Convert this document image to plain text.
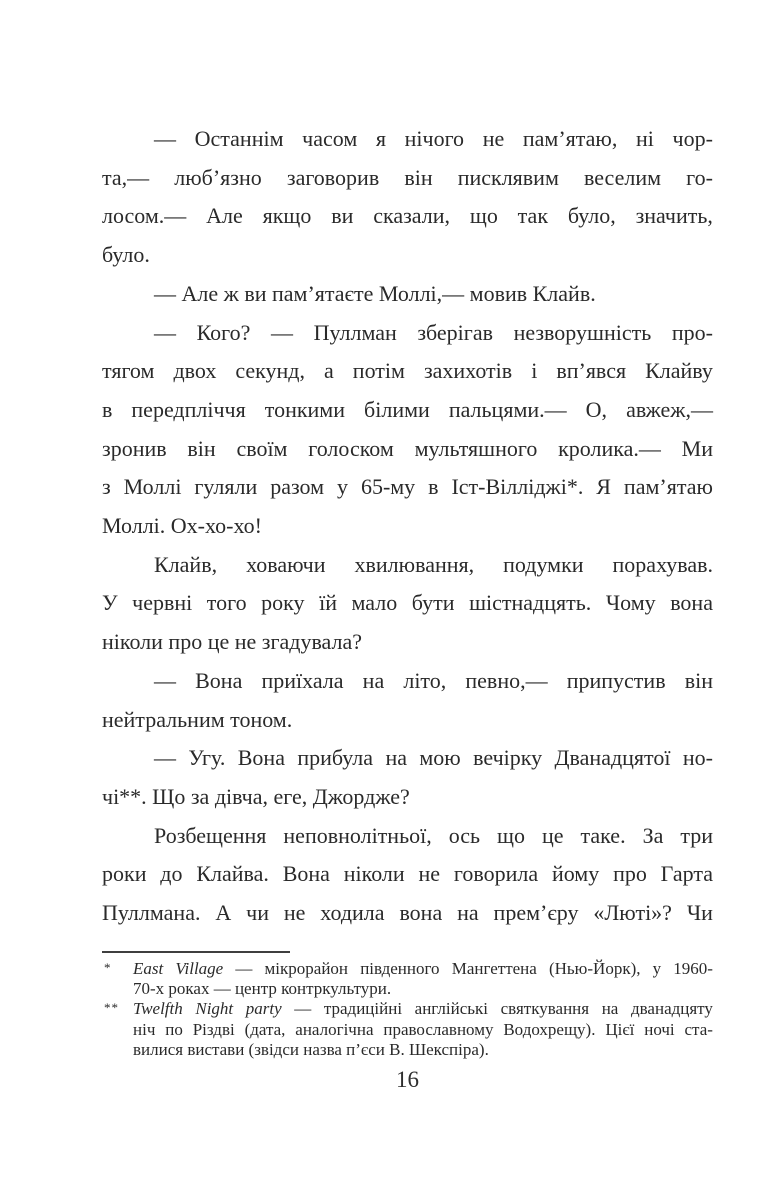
— Останнім часом я нічого не пам’ятаю, ні чор-
та,— люб’язно заговорив він писклявим веселим го-
лосом.— Але якщо ви сказали, що так було, значить,
було.
— Але ж ви пам’ятаєте Моллі,— мовив Клайв.
— Кого? — Пуллман зберігав незворушність про-
тягом двох секунд, а потім захихотів і вп’явся Клайву
в передпліччя тонкими білими пальцями.— О, авжеж,—
зронив він своїм голоском мультяшного кролика.— Ми
з Моллі гуляли разом у 65-му в Іст-Вілліджі*. Я пам’ятаю
Моллі. Ох-хо-хо!
Клайв, ховаючи хвилювання, подумки порахував.
У червні того року їй мало бути шістнадцять. Чому вона
ніколи про це не згадувала?
— Вона приїхала на літо, певно,— припустив він
нейтральним тоном.
— Угу. Вона прибула на мою вечірку Дванадцятої но-
чі**. Що за дівча, еге, Джордже?
Розбещення неповнолітньої, ось що це таке. За три
роки до Клайва. Вона ніколи не говорила йому про Гарта
Пуллмана. А чи не ходила вона на прем’єру «Люті»? Чи
* East Village — мікрорайон південного Мангеттена (Нью-Йорк), у 1960-
70-х роках — центр контркультури.
** Twelfth Night party — традиційні англійські святкування на дванадцяту
ніч по Різдві (дата, аналогічна православному Водохрещу). Цієї ночі ста-
вилися вистави (звідси назва п’єси В. Шекспіра).
16
